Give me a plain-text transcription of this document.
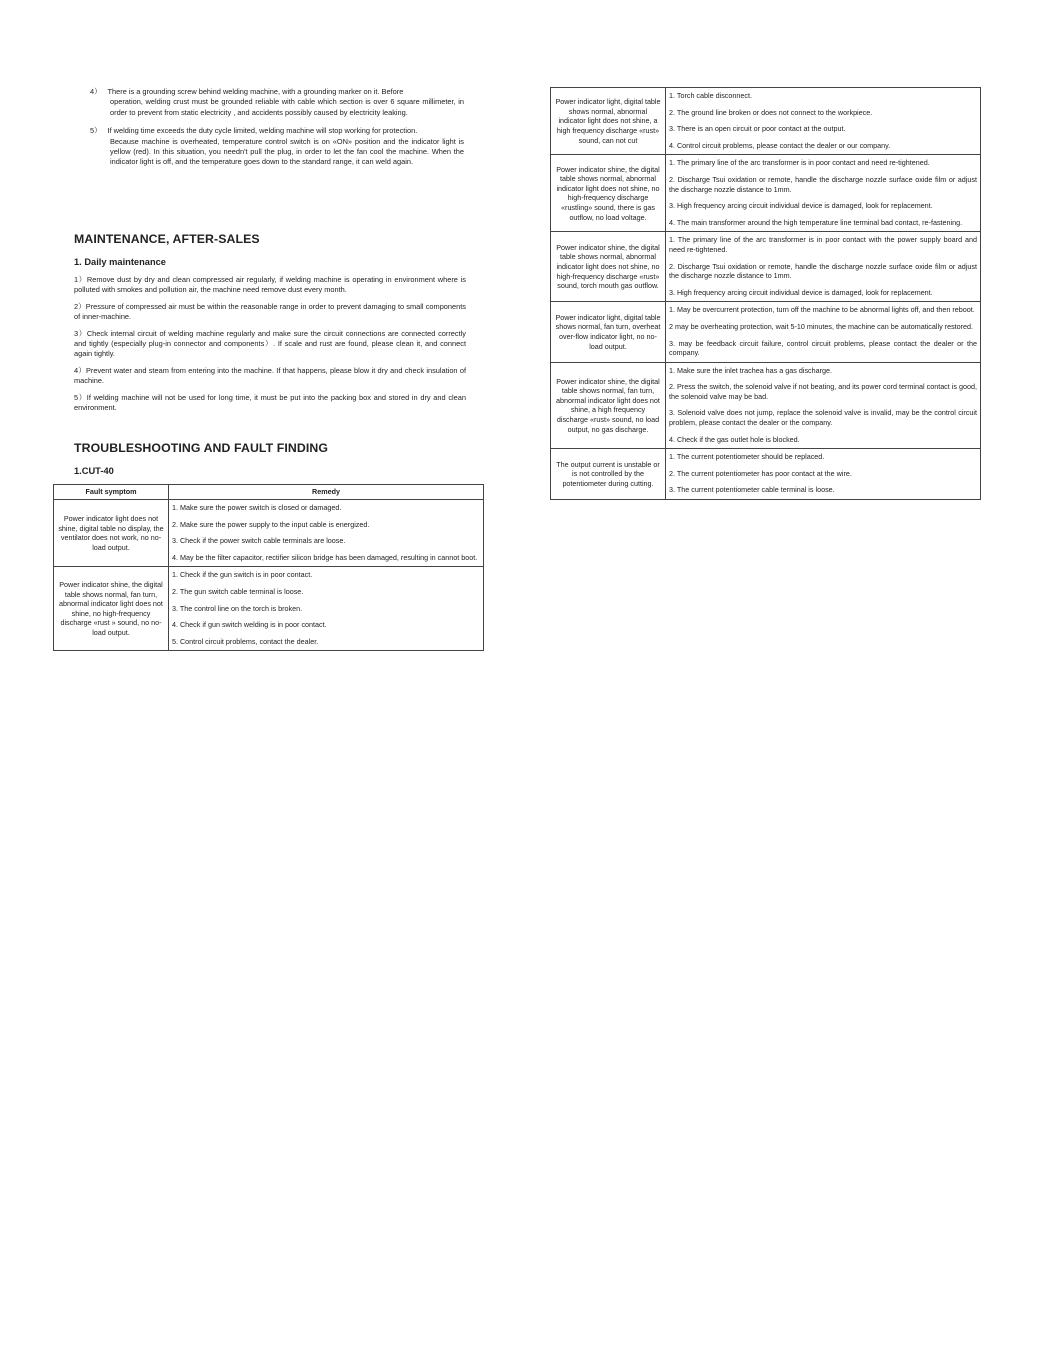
4） There is a grounding screw behind welding machine, with a grounding marker on it. Before
operation, welding crust must be grounded reliable with cable which section is over 6 square millimeter, in order to prevent from static electricity , and accidents possibly caused by electricity leaking.
5） If welding time exceeds the duty cycle limited, welding machine will stop working for protection.
Because machine is overheated, temperature control switch is on «ON» position and the indicator light is yellow (red). In this situation, you needn't pull the plug, in order to let the fan cool the machine. When the indicator light is off, and the temperature goes down to the standard range, it can weld again.
MAINTENANCE, AFTER-SALES
1. Daily maintenance

1）Remove dust by dry and clean compressed air regularly, if welding machine is operating in environment where is polluted with smokes and pollution air, the machine need remove dust every month.

2）Pressure of compressed air must be within the reasonable range in order to prevent damaging to small components of inner-machine.

3）Check internal circuit of welding machine regularly and make sure the circuit connections are connected correctly and tightly (especially plug-in connector and components）. If scale and rust are found, please clean it, and connect again tightly.

4）Prevent water and steam from entering into the machine. If that happens, please blow it dry and check insulation of machine.

5）If welding machine will not be used for long time, it must be put into the packing box and stored in dry and clean environment.

TROUBLESHOOTING AND FAULT FINDING
1.CUT-40
Fault symptom	Remedy
Power indicator light does not shine, digital table no display, the ventilator does not work, no no-load output.	1. Make sure the power switch is closed or damaged.
2. Make sure the power supply to the input cable is energized.
3. Check if the power switch cable terminals are loose.
4. May be the filter capacitor, rectifier silicon bridge has been damaged, resulting in cannot boot.

Power indicator shine, the digital table shows normal, fan turn, abnormal indicator light does not shine, no high-frequency discharge «rust » sound, no no-load output.	1. Check if the gun switch is in poor contact.
2. The gun switch cable terminal is loose.
3. The control line on the torch is broken.
4. Check if gun switch welding is in poor contact.
5. Control circuit problems, contact the dealer.
Power indicator light, digital table shows normal, abnormal indicator light does not shine, a high frequency discharge «rust» sound, can not cut	1. Torch cable disconnect.
2. The ground line broken or does not connect to the workpiece.
3. There is an open circuit or poor contact at the output.
4. Control circuit problems, please contact the dealer or our company.

Power indicator shine, the digital table shows normal, abnormal indicator light does not shine, no high-frequency discharge «rustling» sound, there is gas outflow, no load voltage.	1. The primary line of the arc transformer is in poor contact and need re-tightened.
2. Discharge Tsui oxidation or remote, handle the discharge nozzle surface oxide film or adjust the discharge nozzle distance to 1mm.
3. High frequency arcing circuit individual device is damaged, look for replacement.
4. The main transformer around the high temperature line terminal bad contact, re-fastening.

Power indicator shine, the digital table shows normal, abnormal indicator light does not shine, no high-frequency discharge «rust» sound, torch mouth gas outflow.	1. The primary line of the arc transformer is in poor contact with the power supply board and need re-tightened.
2. Discharge Tsui oxidation or remote, handle the discharge nozzle surface oxide film or adjust the discharge nozzle distance to 1mm.
3. High frequency arcing circuit individual device is damaged, look for replacement.

Power indicator light, digital table shows normal, fan turn, overheat over-flow indicator light, no no-load output.	1. May be overcurrent protection, turn off the machine to be abnormal lights off, and then reboot.
2 may be overheating protection, wait 5-10 minutes, the machine can be automatically restored.
3. may be feedback circuit failure, control circuit problems, please contact the dealer or the company.

Power indicator shine, the digital table shows normal, fan turn, abnormal indicator light does not shine, a high frequency discharge «rust» sound, no load output, no gas discharge.	1. Make sure the inlet trachea has a gas discharge.
2. Press the switch, the solenoid valve if not beating, and its power cord terminal contact is good, the solenoid valve may be bad.
3. Solenoid valve does not jump, replace the solenoid valve is invalid, may be the control circuit problem, please contact the dealer or the company.
4. Check if the gas outlet hole is blocked.

The output current is unstable or is not controlled by the potentiometer during cutting.	1. The current potentiometer should be replaced.
2. The current potentiometer has poor contact at the wire.
3. The current potentiometer cable terminal is loose.
